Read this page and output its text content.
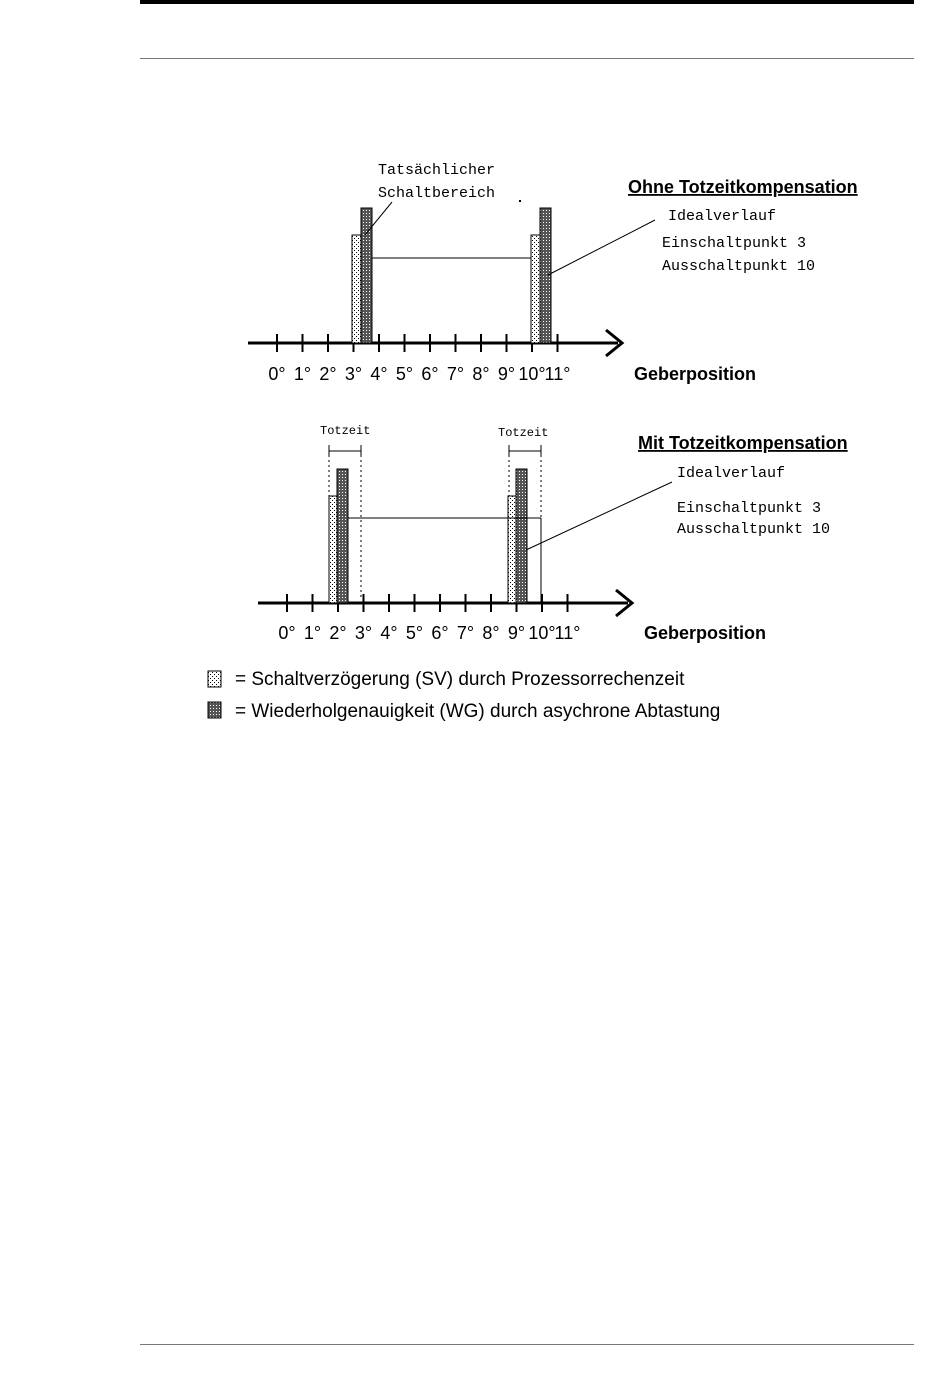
Tatsächlicher
Schaltbereich	Ohne Totzeitkompensation
Idealverlauf
Einschaltpunkt 3
Ausschaltpunkt 10
Geberposition
0° 1° 2° 3° 4° 5° 6° 7° 8° 9° 10°
11°
Totzeit	Totzeit	Mit Totzeitkompensation
Idealverlauf
Einschaltpunkt 3
Ausschaltpunkt 10
Geberposition
0° 1° 2° 3° 4° 5° 6° 7° 8° 9° 10°
11°
= Schaltverzögerung (SV) durch Prozessorrechenzeit
= Wiederholgenauigkeit (WG) durch asychrone Abtastung
